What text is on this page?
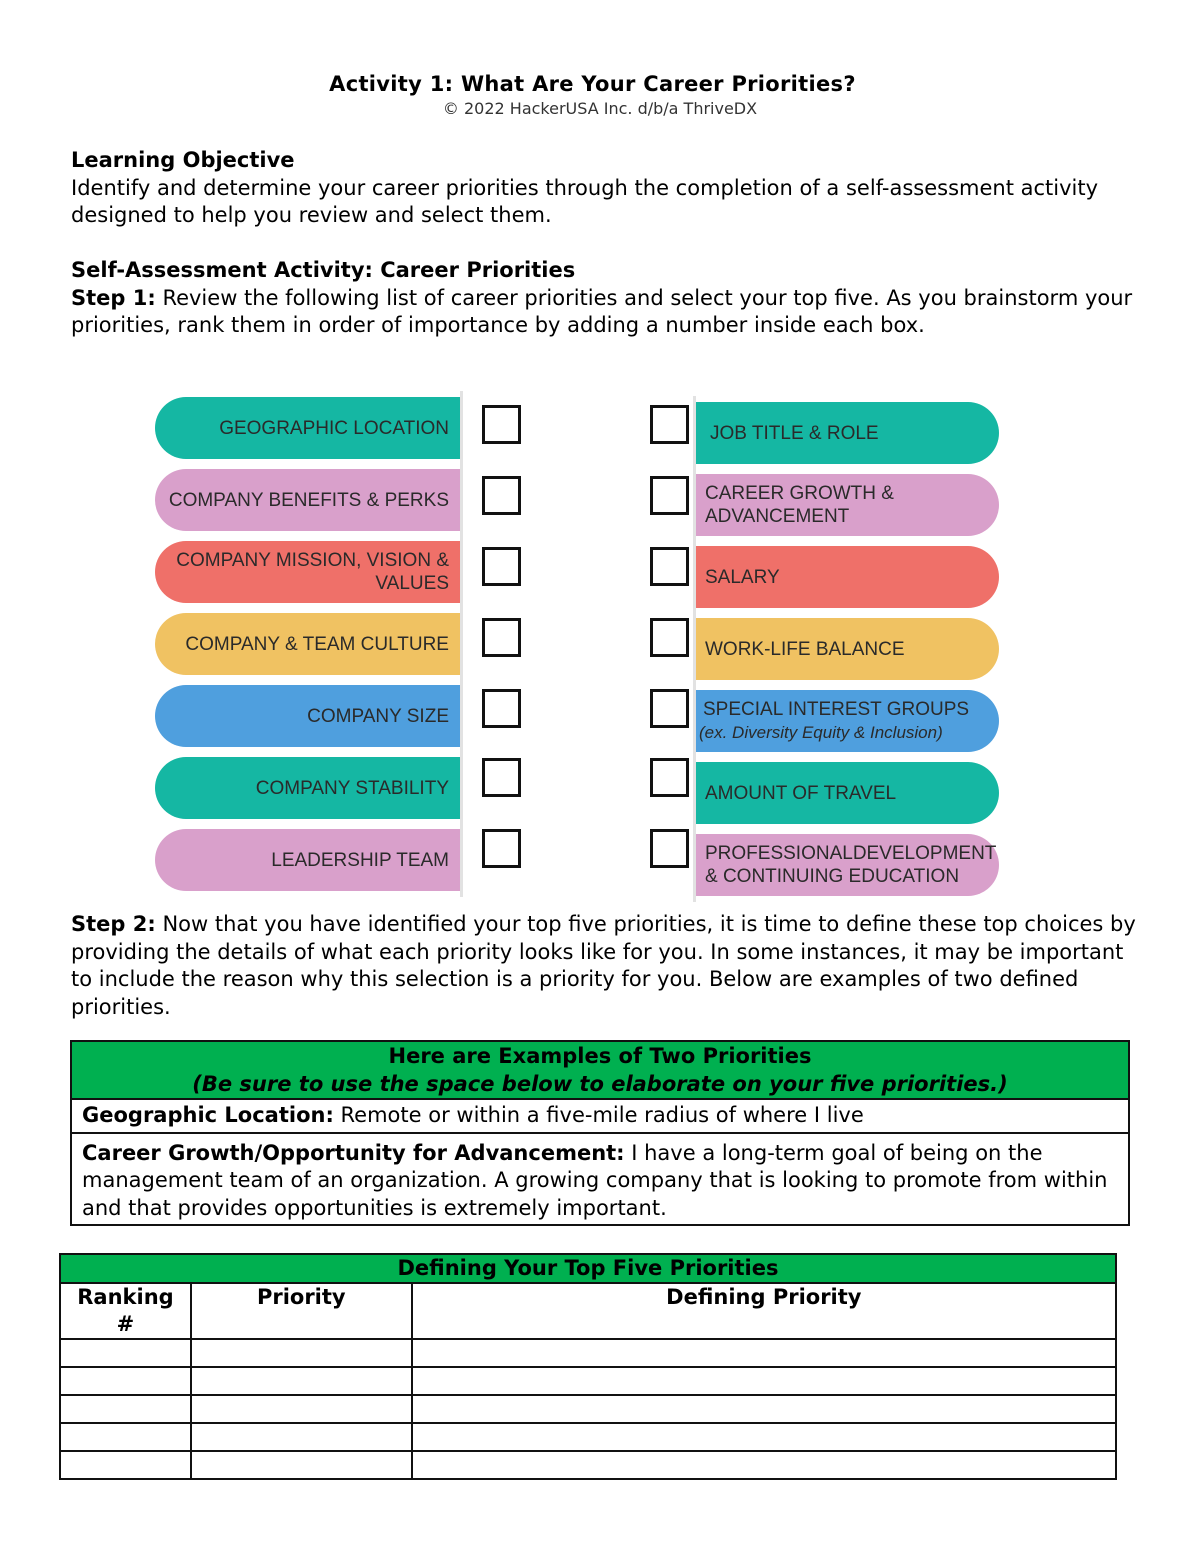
Activity 1: What Are Your Career Priorities?
© 2022 HackerUSA Inc. d/b/a ThriveDX
Learning Objective
Identify and determine your career priorities through the completion of a self-assessment activity designed to help you review and select them.
Self-Assessment Activity: Career Priorities
Step 1: Review the following list of career priorities and select your top five. As you brainstorm your priorities, rank them in order of importance by adding a number inside each box.
GEOGRAPHIC LOCATION
COMPANY BENEFITS & PERKS
COMPANY MISSION, VISION & VALUES
COMPANY & TEAM CULTURE
COMPANY SIZE
COMPANY STABILITY
LEADERSHIP TEAM
JOB TITLE & ROLE
CAREER GROWTH & ADVANCEMENT
SALARY
WORK-LIFE BALANCE
SPECIAL INTEREST GROUPS
(ex. Diversity Equity & Inclusion)
AMOUNT OF TRAVEL
PROFESSIONALDEVELOPMENT & CONTINUING EDUCATION
Step 2: Now that you have identified your top five priorities, it is time to define these top choices by providing the details of what each priority looks like for you. In some instances, it may be important to include the reason why this selection is a priority for you. Below are examples of two defined priorities.
Here are Examples of Two Priorities
(Be sure to use the space below to elaborate on your five priorities.)

Geographic Location: Remote or within a five-mile radius of where I live
Career Growth/Opportunity for Advancement: I have a long-term goal of being on the management team of an organization. A growing company that is looking to promote from within and that provides opportunities is extremely important.
Defining Your Top Five Priorities		
Ranking #	Priority	Defining Priority
